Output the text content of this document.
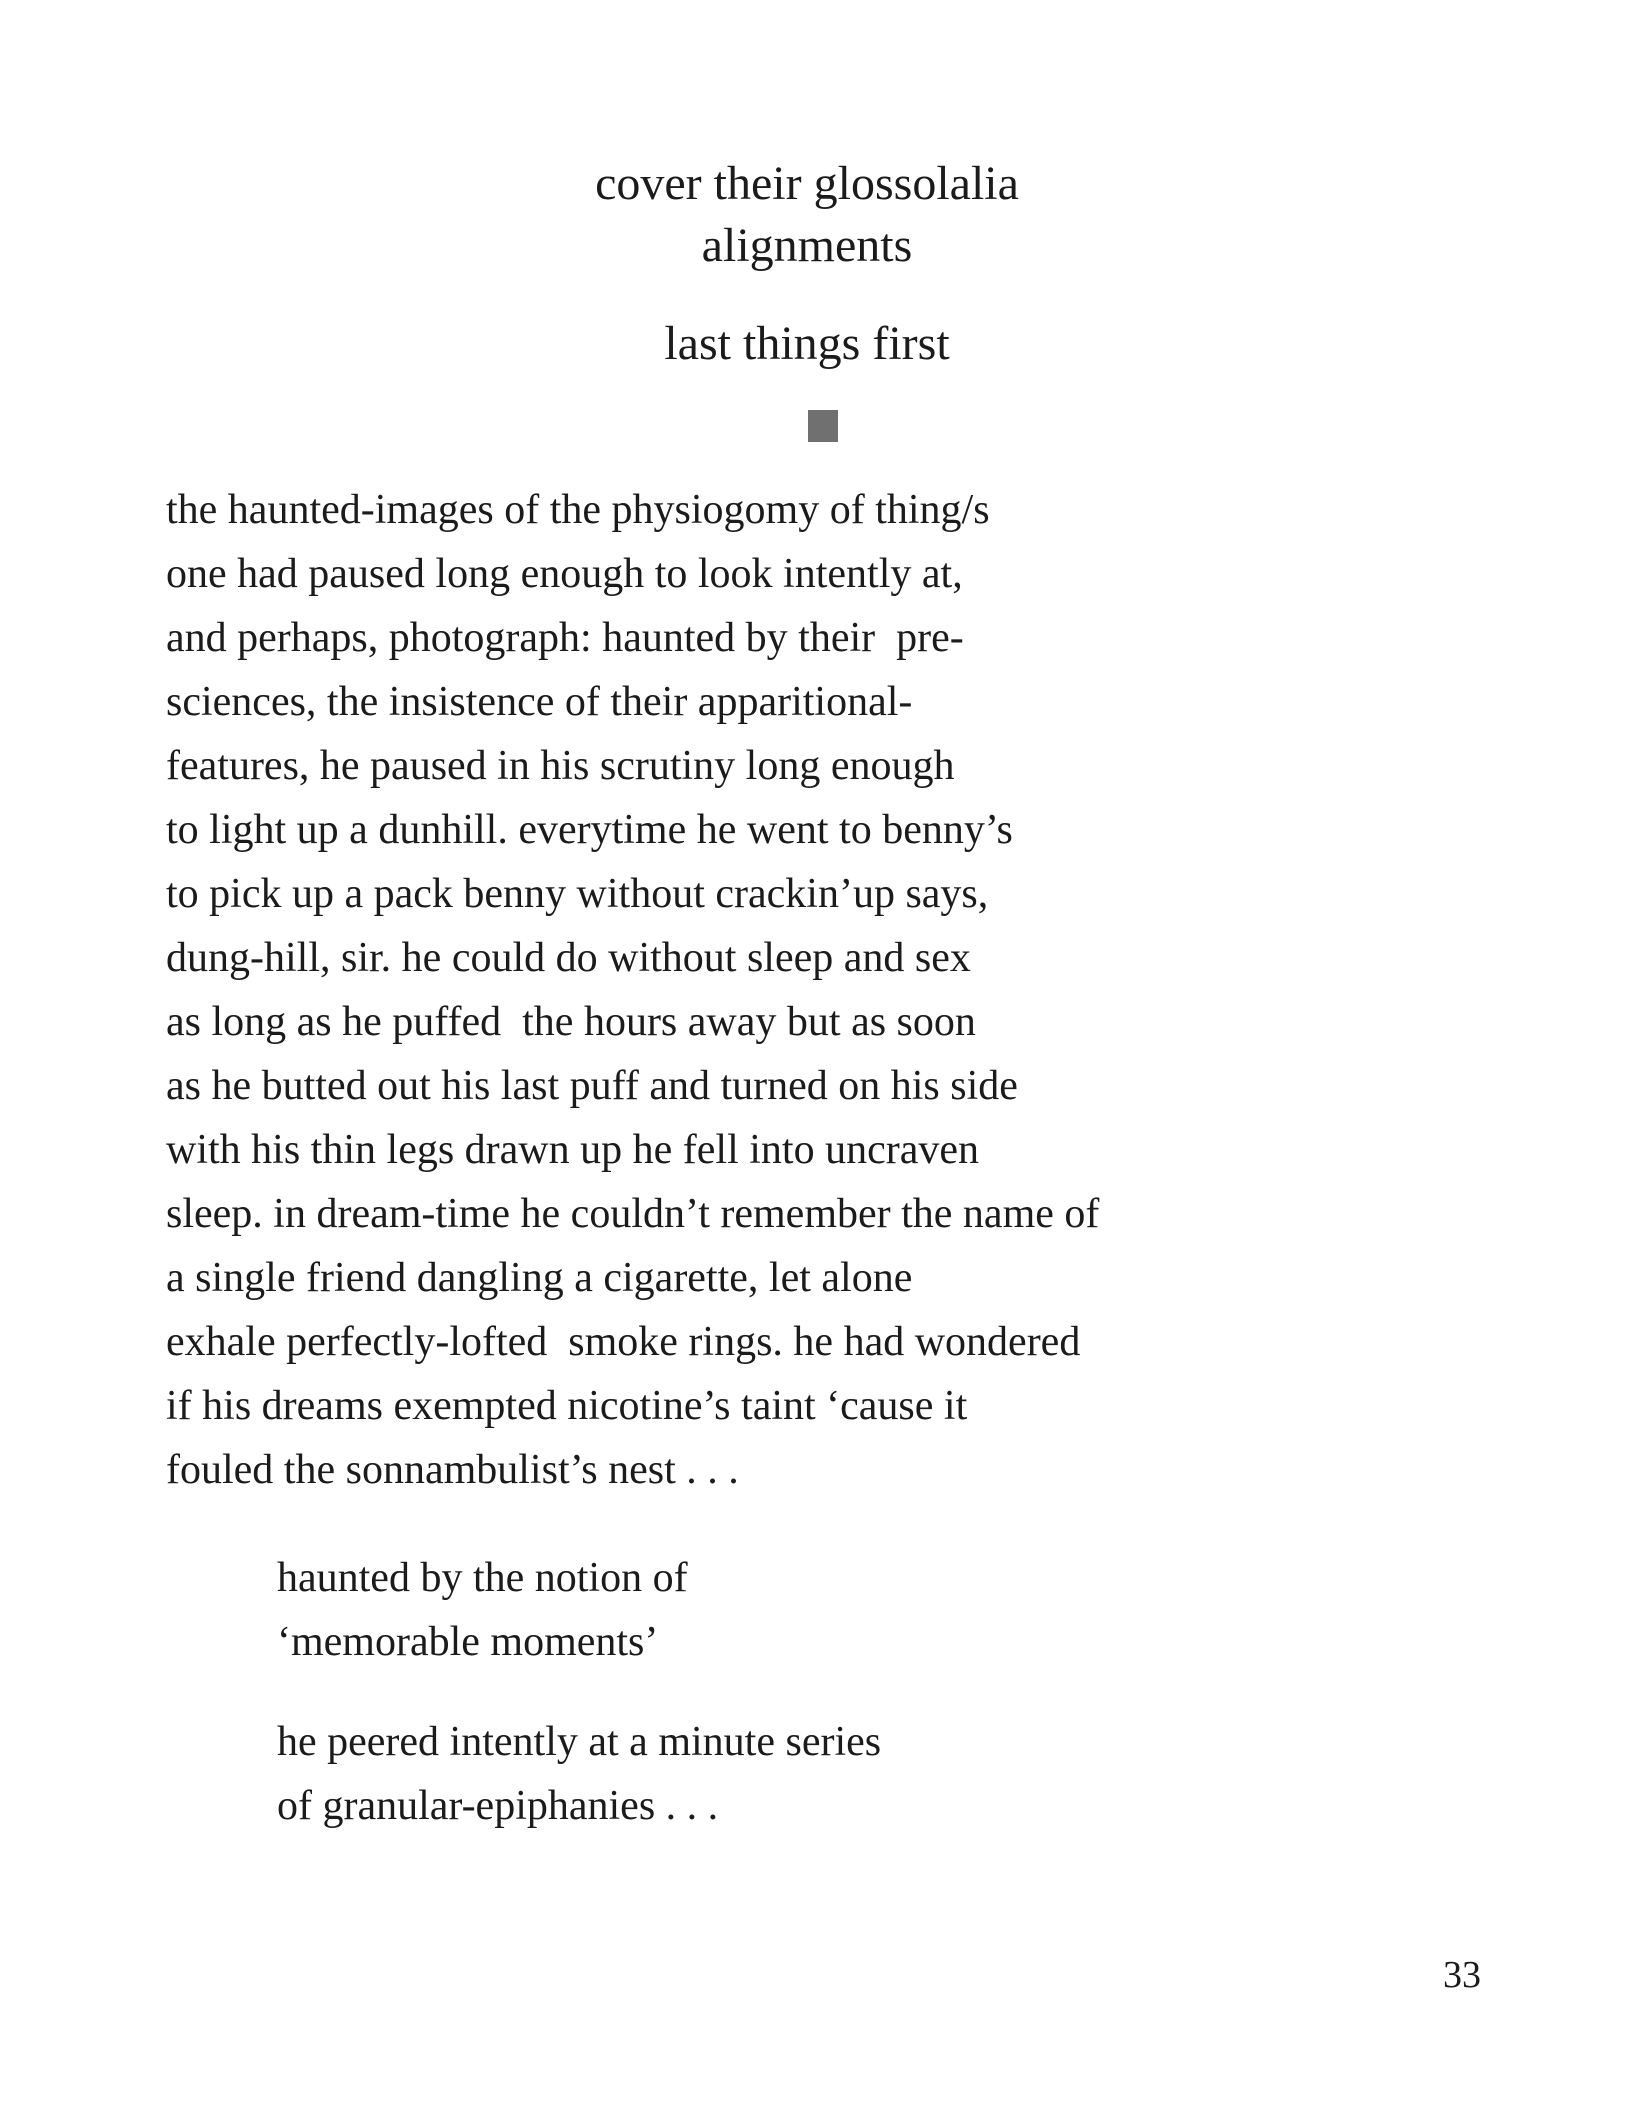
cover their glossolalia
alignments
last things first
the haunted-images of the physiogomy of thing/s
one had paused long enough to look intently at,
and perhaps, photograph: haunted by their  pre-
sciences, the insistence of their apparitional-
features, he paused in his scrutiny long enough
to light up a dunhill. everytime he went to benny’s
to pick up a pack benny without crackin’up says,
dung-hill, sir. he could do without sleep and sex
as long as he puffed  the hours away but as soon
as he butted out his last puff and turned on his side
with his thin legs drawn up he fell into uncraven
sleep. in dream-time he couldn’t remember the name of
a single friend dangling a cigarette, let alone
exhale perfectly-lofted  smoke rings. he had wondered
if his dreams exempted nicotine’s taint ‘cause it
fouled the sonnambulist’s nest . . .
haunted by the notion of
‘memorable moments’
he peered intently at a minute series
of granular-epiphanies . . .
33
